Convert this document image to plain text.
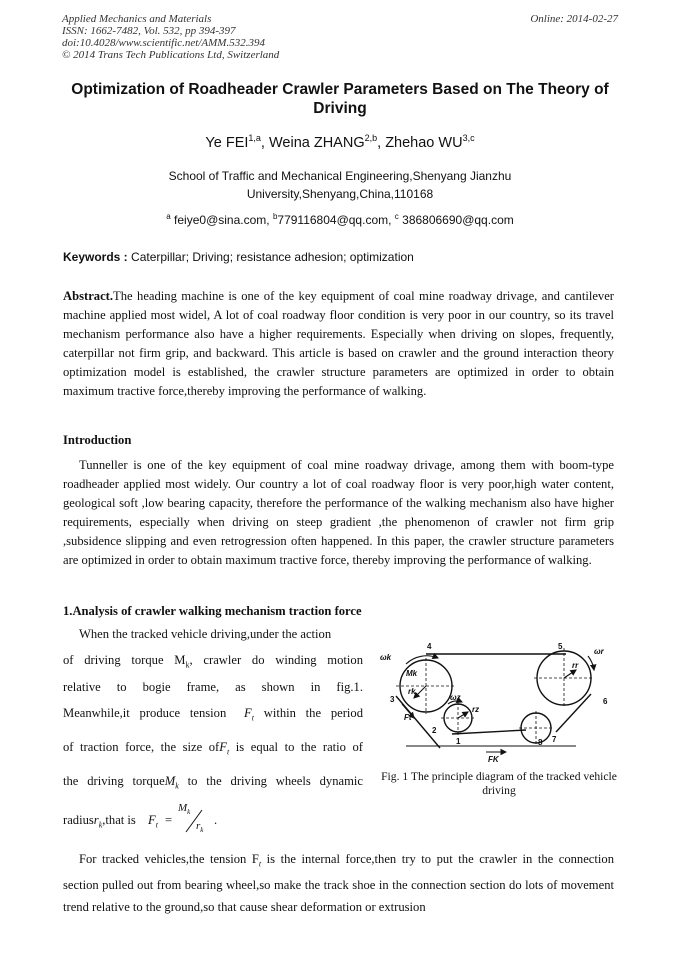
Applied Mechanics and Materials
ISSN: 1662-7482, Vol. 532, pp 394-397
doi:10.4028/www.scientific.net/AMM.532.394
© 2014 Trans Tech Publications Ltd, Switzerland
Online: 2014-02-27
Optimization of Roadheader Crawler Parameters Based on The Theory of Driving
Ye FEI$^{1,a}$, Weina ZHANG$^{2,b}$, Zhehao WU$^{3,c}$
School of Traffic and Mechanical Engineering,Shenyang Jianzhu University,Shenyang,China,110168
$^a$ feiye0@sina.com, $^b$779116804@qq.com, $^c$ 386806690@qq.com
Keywords : Caterpillar; Driving; resistance adhesion; optimization
Abstract.The heading machine is one of the key equipment of coal mine roadway drivage, and cantilever machine applied most widel, A lot of coal roadway floor condition is very poor in our country, so its travel mechanism performance also have a higher requirements. Especially when driving on slopes, frequently, caterpillar not firm grip, and backward. This article is based on crawler and the ground interaction theory optimization model is established, the crawler structure parameters are optimized in order to obtain maximum tractive force,thereby improving the performance of walking.
Introduction
Tunneller is one of the key equipment of coal mine roadway drivage, among them with boom-type roadheader applied most widely. Our country a lot of coal roadway floor is very poor,high water content, geological soft ,low bearing capacity, therefore the performance of the walking mechanism also have higher requirements, especially when driving on steep gradient ,the phenomenon of crawler not firm grip ,subsidence slipping and even retrogression often happened. In this paper, the crawler structure parameters are optimized in order to obtain maximum tractive force, thereby improving the performance of walking.
1.Analysis of crawler walking mechanism traction force
When the tracked vehicle driving,under the action
of driving torque $M_k$, crawler do winding motion
relative to bogie frame, as shown in fig.1.
Meanwhile,it produce tension $F_t$ within the period
of traction force, the size ofF$_t$ is equal to the ratio of
the driving torqueM$_k$ to the driving wheels dynamic
radiusr$_k$,that is $F_t$ =
$M_k$
$r_k$
.
4	5
3	6
2
1	7
8
ωk
ωr
ωz
Mk
rk
rr
rz
Ft
FK
Fig. 1 The principle diagram of the tracked vehicle driving
For tracked vehicles,the tension $F_t$ is the internal force,then try to put the crawler in the connection section pulled out from bearing wheel,so make the track shoe in the connection section do lots of movement trend relative to the ground,so that cause shear deformation or extrusion
